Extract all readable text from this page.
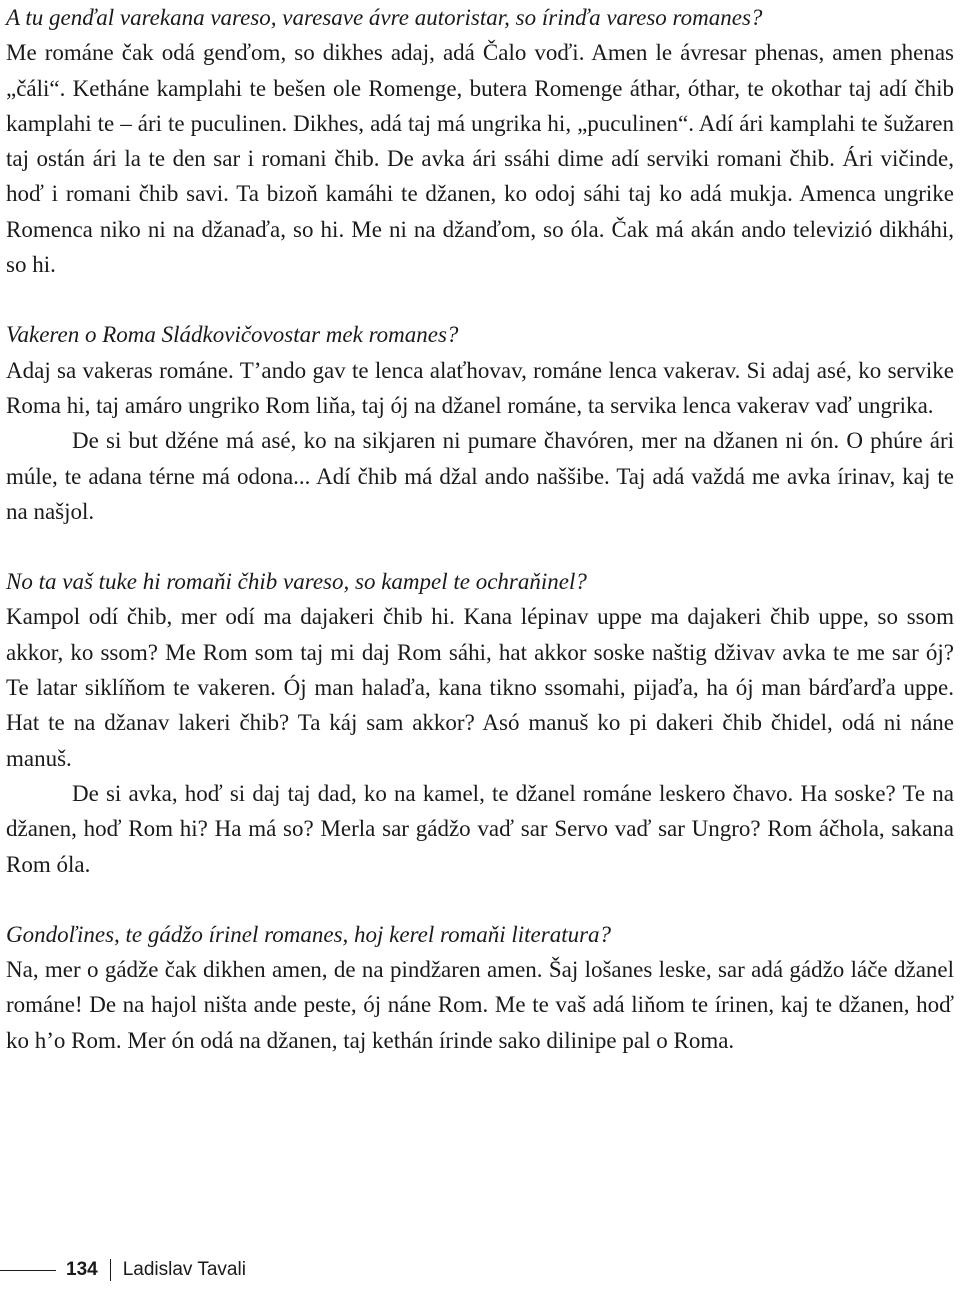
A tu genďal varekana vareso, varesave ávre autoristar, so írinďa vareso romanes?

Me románe čak odá genďom, so dikhes adaj, adá Čalo voďi. Amen le ávresar phenas, amen phenas „čáli“. Ketháne kamplahi te bešen ole Romenge, butera Romenge áthar, óthar, te okothar taj adí čhib kamplahi te – ári te puculinen. Dikhes, adá taj má ungrika hi, „puculinen“. Adí ári kamplahi te šužaren taj ostán ári la te den sar i romani čhib. De avka ári ssáhi dime adí serviki romani čhib. Ári vičinde, hoď i romani čhib savi. Ta bizoň kamáhi te džanen, ko odoj sáhi taj ko adá mukja. Amenca ungrike Romenca niko ni na džanaďa, so hi. Me ni na džanďom, so óla. Čak má akán ando televizió dikháhi, so hi.

Vakeren o Roma Sládkovičovostar mek romanes?

Adaj sa vakeras románe. T’ando gav te lenca alaťhovav, románe lenca vakerav. Si adaj asé, ko servike Roma hi, taj amáro ungriko Rom liňa, taj ój na džanel románe, ta servika lenca vakerav vaď ungrika.

De si but džéne má asé, ko na sikjaren ni pumare čhavóren, mer na džanen ni ón. O phúre ári múle, te adana térne má odona... Adí čhib má džal ando naššibe. Taj adá važdá me avka írinav, kaj te na našjol.

No ta vaš tuke hi romaňi čhib vareso, so kampel te ochraňinel?

Kampol odí čhib, mer odí ma dajakeri čhib hi. Kana lépinav uppe ma dajakeri čhib uppe, so ssom akkor, ko ssom? Me Rom som taj mi daj Rom sáhi, hat akkor soske naštig dživav avka te me sar ój? Te latar siklíňom te vakeren. Ój man halaďa, kana tikno ssomahi, pijaďa, ha ój man bárďarďa uppe. Hat te na džanav lakeri čhib? Ta káj sam akkor? Asó manuš ko pi dakeri čhib čhidel, odá ni náne manuš.

De si avka, hoď si daj taj dad, ko na kamel, te džanel románe leskero čhavo. Ha soske? Te na džanen, hoď Rom hi? Ha má so? Merla sar gádžo vaď sar Servo vaď sar Ungro? Rom áčhola, sakana Rom óla.

Gondoľines, te gádžo írinel romanes, hoj kerel romaňi literatura?

Na, mer o gádže čak dikhen amen, de na pindžaren amen. Šaj lošanes leske, sar adá gádžo láče džanel románe! De na hajol ništa ande peste, ój náne Rom. Me te vaš adá liňom te írinen, kaj te džanen, hoď ko h’o Rom. Mer ón odá na džanen, taj kethán írinde sako dilinipe pal o Roma.

134 Ladislav Tavali
